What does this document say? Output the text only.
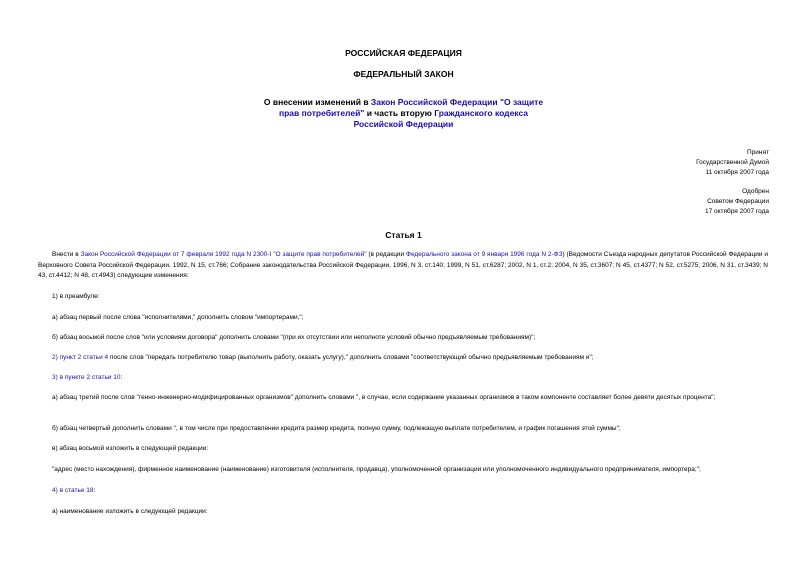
РОССИЙСКАЯ ФЕДЕРАЦИЯ
ФЕДЕРАЛЬНЫЙ ЗАКОН
О внесении изменений в Закон Российской Федерации "О защите
прав потребителей" и часть вторую Гражданского кодекса
Российской Федерации
Принят
Государственной Думой
11 октября 2007 года
Одобрен
Советом Федерации
17 октября 2007 года
Статья 1
Внести в Закон Российской Федерации от 7 февраля 1992 года N 2300-I "О защите прав потребителей" (в редакции Федерального закона от 9 января 1996 года N 2-ФЗ) (Ведомости Съезда народных депутатов Российской Федерации и Верховного Совета Российской Федерации, 1992, N 15, ст.766; Собрание законодательства Российской Федерации, 1996, N 3, ст.140; 1999, N 51, ст.6287; 2002, N 1, ст.2; 2004, N 35, ст.3607; N 45, ст.4377; N 52, ст.5275; 2006, N 31, ст.3439; N 43, ст.4412; N 48, ст.4943) следующие изменения:
1) в преамбуле:
а) абзац первый после слова "исполнителями," дополнить словом "импортерами,";
б) абзац восьмой после слов "или условиям договора" дополнить словами "(при их отсутствии или неполноте условий обычно предъявляемым требованиям)";
2) пункт 2 статьи 4 после слов "передать потребителю товар (выполнить работу, оказать услугу)," дополнить словами "соответствующий обычно предъявляемым требованиям и";
3) в пункте 2 статьи 10:
а) абзац третий после слов "генно-инженерно-модифицированных организмов" дополнить словами ", в случае, если содержание указанных организмов в таком компоненте составляет более девяти десятых процента";
б) абзац четвертый дополнить словами ", в том числе при предоставлении кредита размер кредита, полную сумму, подлежащую выплате потребителем, и график погашения этой суммы";
в) абзац восьмой изложить в следующей редакции:
"адрес (место нахождения), фирменное наименование (наименование) изготовителя (исполнителя, продавца), уполномоченной организации или уполномоченного индивидуального предпринимателя, импортера;";
4) в статье 18:
а) наименование изложить в следующей редакции:
